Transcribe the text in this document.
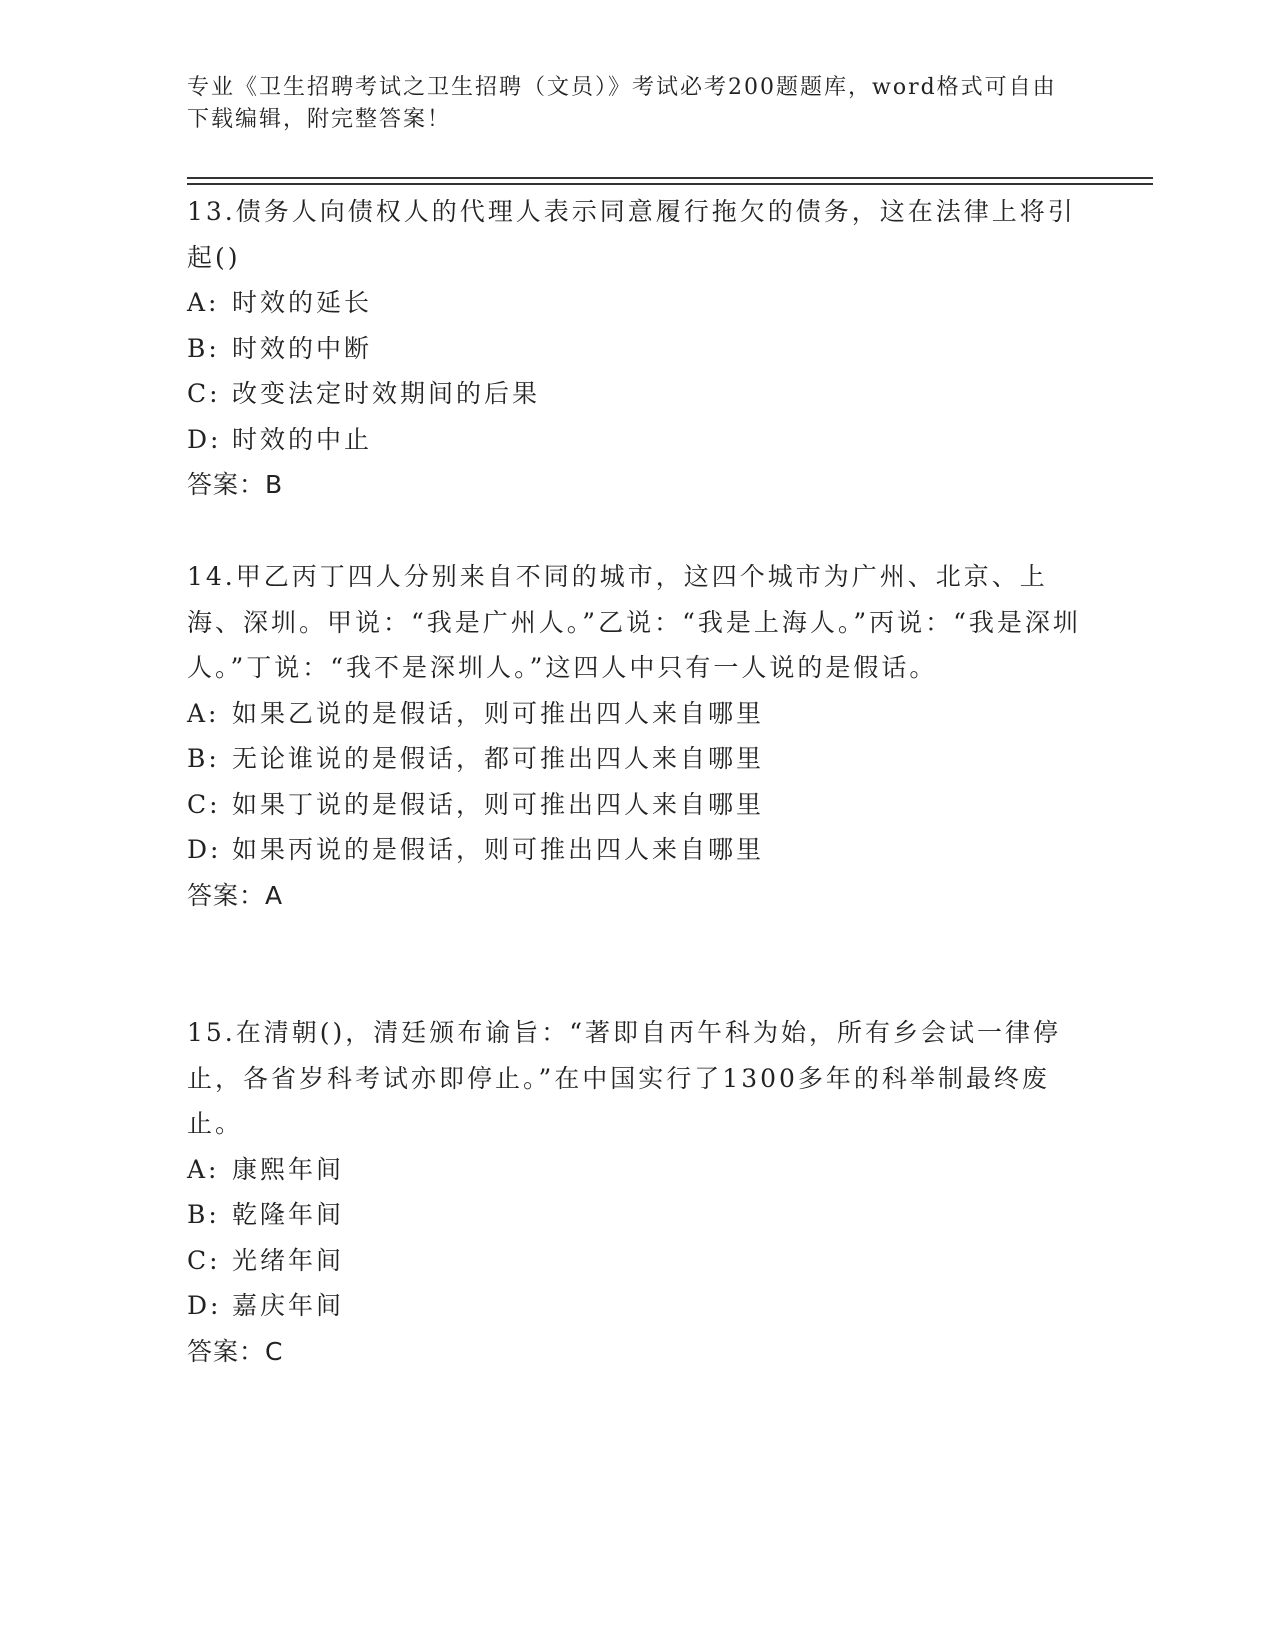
专业《卫生招聘考试之卫生招聘（文员）》考试必考200题题库，word格式可自由下载编辑，附完整答案！

13.债务人向债权人的代理人表示同意履行拖欠的债务，这在法律上将引起()

A: 时效的延长

B: 时效的中断

C: 改变法定时效期间的后果

D: 时效的中止

答案：B

14.甲乙丙丁四人分别来自不同的城市，这四个城市为广州、北京、上海、深圳。甲说：“我是广州人。”乙说：“我是上海人。”丙说：“我是深圳人。”丁说：“我不是深圳人。”这四人中只有一人说的是假话。

A: 如果乙说的是假话，则可推出四人来自哪里

B: 无论谁说的是假话，都可推出四人来自哪里

C: 如果丁说的是假话，则可推出四人来自哪里

D: 如果丙说的是假话，则可推出四人来自哪里

答案：A

15.在清朝()，清廷颁布谕旨：“著即自丙午科为始，所有乡会试一律停止，各省岁科考试亦即停止。”在中国实行了1300多年的科举制最终废止。

A: 康熙年间

B: 乾隆年间

C: 光绪年间

D: 嘉庆年间

答案：C
